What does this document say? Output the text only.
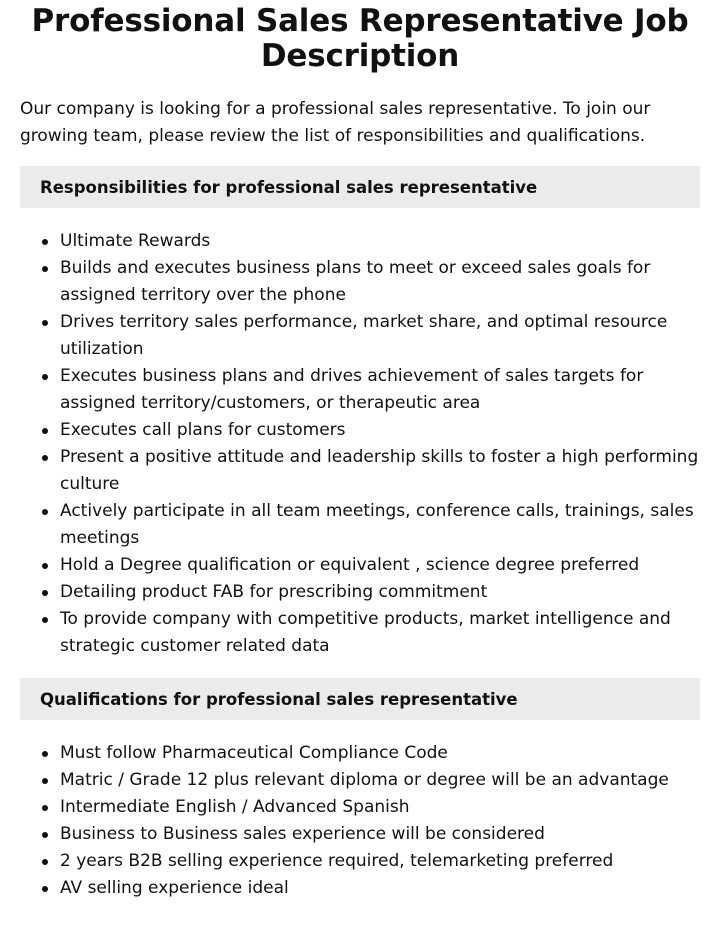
Professional Sales Representative Job Description

Our company is looking for a professional sales representative. To join our growing team, please review the list of responsibilities and qualifications.

Responsibilities for professional sales representative
Ultimate Rewards
Builds and executes business plans to meet or exceed sales goals for assigned territory over the phone
Drives territory sales performance, market share, and optimal resource utilization
Executes business plans and drives achievement of sales targets for assigned territory/customers, or therapeutic area
Executes call plans for customers
Present a positive attitude and leadership skills to foster a high performing culture
Actively participate in all team meetings, conference calls, trainings, sales meetings
Hold a Degree qualification or equivalent , science degree preferred
Detailing product FAB for prescribing commitment
To provide company with competitive products, market intelligence and strategic customer related data
Qualifications for professional sales representative
Must follow Pharmaceutical Compliance Code
Matric / Grade 12 plus relevant diploma or degree will be an advantage
Intermediate English / Advanced Spanish
Business to Business sales experience will be considered
2 years B2B selling experience required, telemarketing preferred
AV selling experience ideal
